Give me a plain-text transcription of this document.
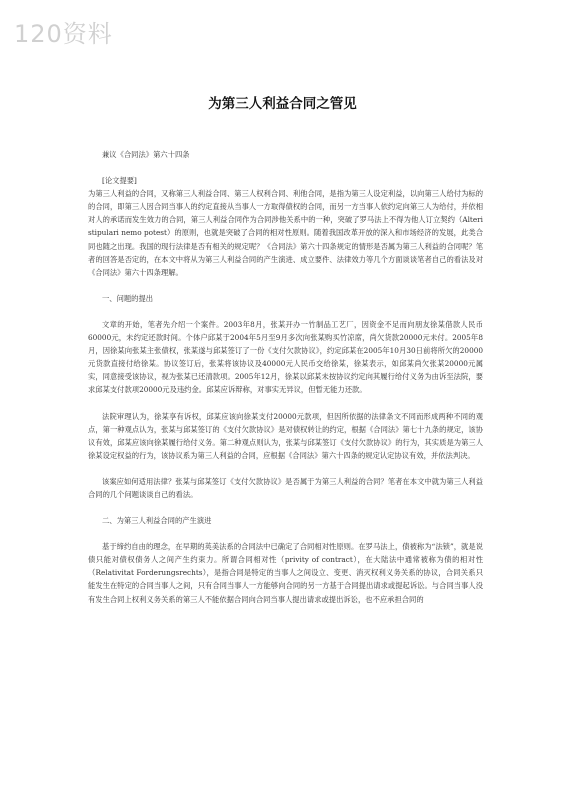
120资料
为第三人利益合同之管见

兼议《合同法》第六十四条

[论文提要]

为第三人利益的合同，又称第三人利益合同、第三人权利合同、利他合同，是指为第三人设定利益，以向第三人给付为标的的合同，即第三人因合同当事人的约定直接从当事人一方取得债权的合同，而另一方当事人依约定向第三人为给付，并依相对人的承诺而发生效力的合同，第三人利益合同作为合同涉他关系中的一种，突破了罗马法上不得为他人订立契约（Alteri stipulari nemo potest）的原则，也就是突破了合同的相对性原则。随着我国改革开放的深入和市场经济的发展，此类合同也随之出现。我国的现行法律是否有相关的规定呢？《合同法》第六十四条规定的情形是否属为第三人利益的合同呢？笔者的回答是否定的，在本文中将从为第三人利益合同的产生演进、成立要件、法律效力等几个方面谈谈笔者自己的看法及对《合同法》第六十四条理解。

一、问题的提出

文章的开始，笔者先介绍一个案件。2003年8月，张某开办一竹制品工艺厂，因资金不足而向朋友徐某借款人民币60000元，未约定还款时间。个体户邱某于2004年5月至9月多次向张某购买竹凉席，尚欠货款20000元未付。2005年8月，因徐某向张某主张债权，张某遂与邱某签订了一份《支付欠款协议》，约定邱某在2005年10月30日前将所欠的20000元货款直接付给徐某。协议签订后，张某将该协议及40000元人民币交给徐某，徐某表示，如邱某尚欠张某20000元属实，同意接受该协议，视为张某已还清款项。2005年12月，徐某以邱某未按协议约定向其履行给付义务为由诉至法院，要求邱某支付款项20000元及违约金。邱某应诉辩称，对事实无异议，但暂无能力还款。

法院审理认为，徐某享有诉权，邱某应该向徐某支付20000元款项，但因所依据的法律条文不同而形成两种不同的观点，第一种观点认为，张某与邱某签订的《支付欠款协议》是对债权转让的约定，根据《合同法》第七十九条的规定，该协议有效，邱某应该向徐某履行给付义务。第二种观点则认为，张某与邱某签订《支付欠款协议》的行为，其实质是为第三人徐某设定权益的行为，该协议系为第三人利益的合同，应根据《合同法》第六十四条的规定认定协议有效，并依法判决。

该案应如何适用法律？张某与邱某签订《支付欠款协议》是否属于为第三人利益的合同？笔者在本文中就为第三人利益合同的几个问题谈谈自己的看法。

二、为第三人利益合同的产生演进

基于缔约自由的理念，在早期的英美法系的合同法中已确定了合同相对性原则。在罗马法上，债被称为“法锁”，就是说债只能对债权债务人之间产生约束力。所谓合同相对性（privity of contract），在大陆法中通常被称为债的相对性（Relativitat Forderungsrechts），是指合同是特定的当事人之间设立、变更、消灭权利义务关系的协议，合同关系只能发生在特定的合同当事人之间，只有合同当事人一方能够向合同的另一方基于合同提出请求或提起诉讼。与合同当事人没有发生合同上权利义务关系的第三人不能依据合同向合同当事人提出请求或提出诉讼，也不应承担合同的
